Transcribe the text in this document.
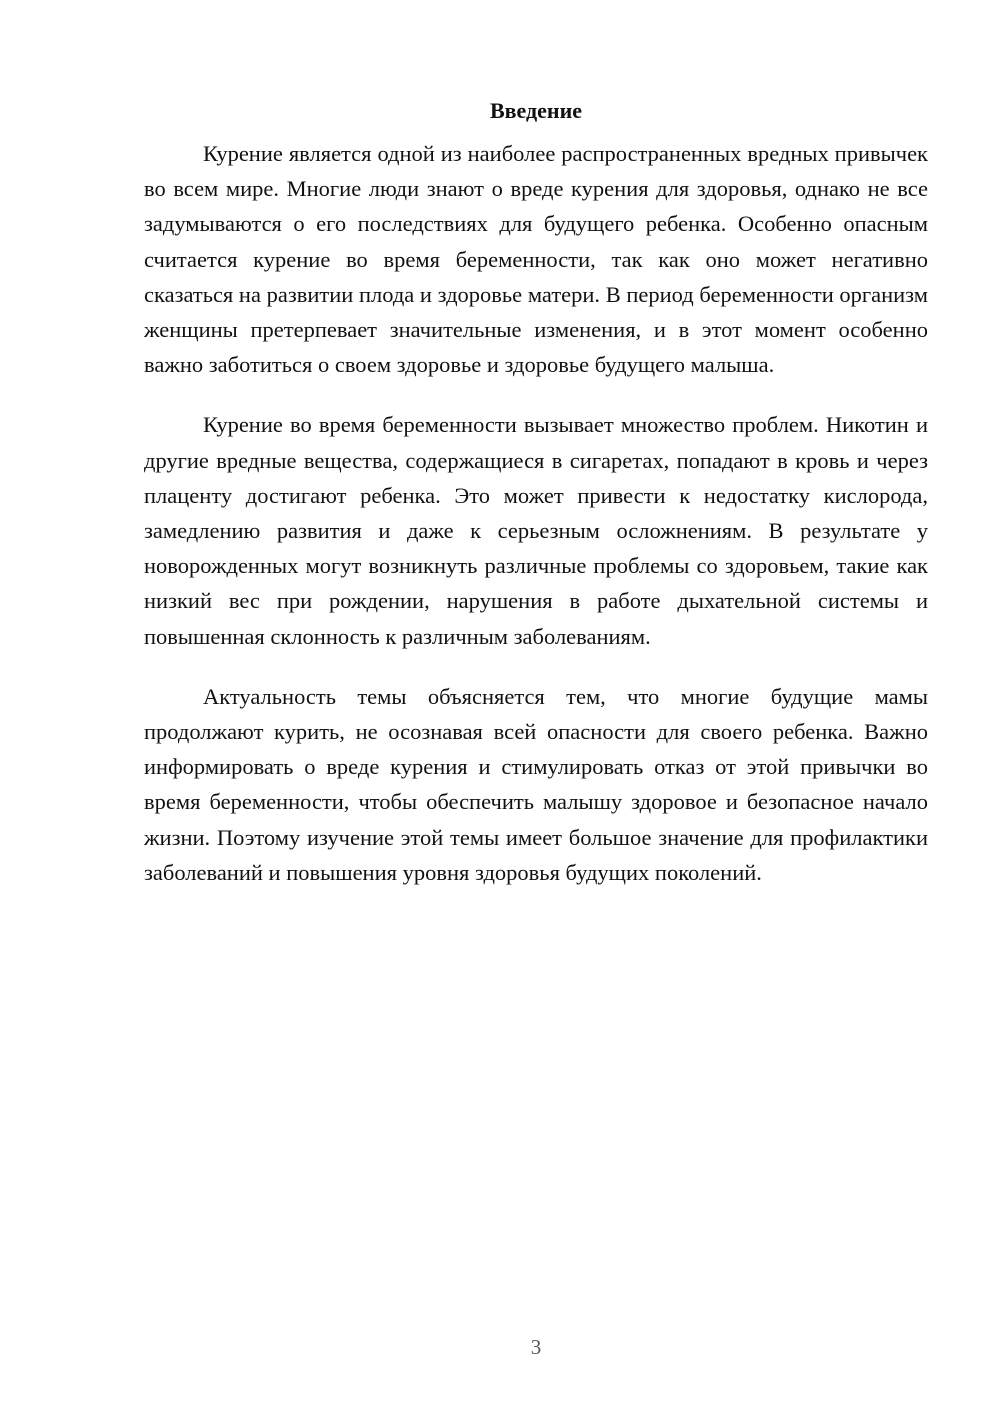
Введение

Курение является одной из наиболее распространенных вредных привычек во всем мире. Многие люди знают о вреде курения для здоровья, однако не все задумываются о его последствиях для будущего ребенка. Особенно опасным считается курение во время беременности, так как оно может негативно сказаться на развитии плода и здоровье матери. В период беременности организм женщины претерпевает значительные изменения, и в этот момент особенно важно заботиться о своем здоровье и здоровье будущего малыша.

Курение во время беременности вызывает множество проблем. Никотин и другие вредные вещества, содержащиеся в сигаретах, попадают в кровь и через плаценту достигают ребенка. Это может привести к недостатку кислорода, замедлению развития и даже к серьезным осложнениям. В результате у новорожденных могут возникнуть различные проблемы со здоровьем, такие как низкий вес при рождении, нарушения в работе дыхательной системы и повышенная склонность к различным заболеваниям.

Актуальность темы объясняется тем, что многие будущие мамы продолжают курить, не осознавая всей опасности для своего ребенка. Важно информировать о вреде курения и стимулировать отказ от этой привычки во время беременности, чтобы обеспечить малышу здоровое и безопасное начало жизни. Поэтому изучение этой темы имеет большое значение для профилактики заболеваний и повышения уровня здоровья будущих поколений.

3
